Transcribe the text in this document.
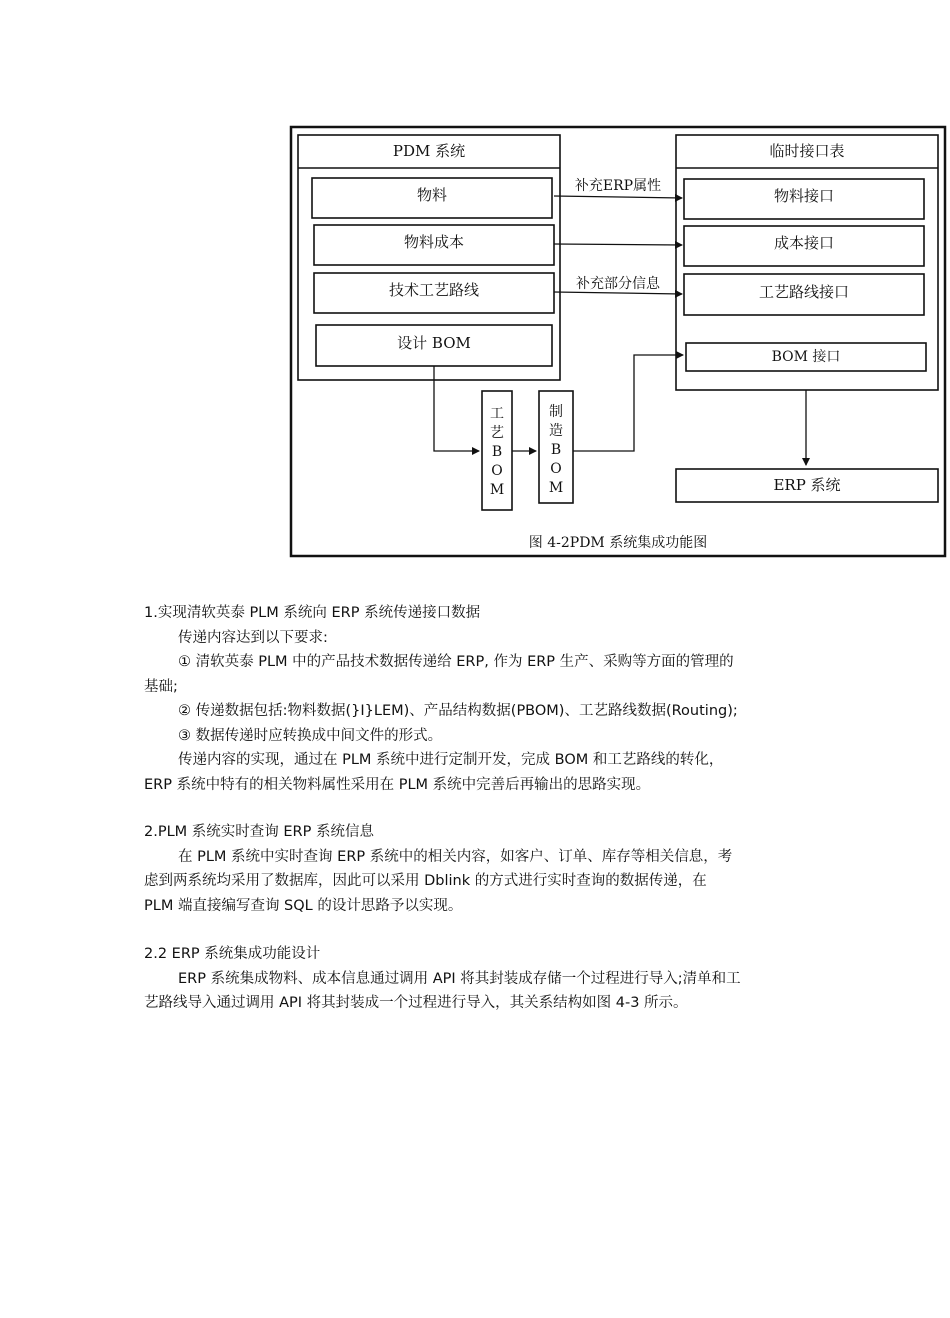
PDM 系统
物料
物料成本
技术工艺路线
设计 BOM
临时接口表
物料接口
成本接口
工艺路线接口
BOM 接口
补充ERP属性
补充部分信息
工
艺
B
O
M
制
造
B
O
M	ERP 系统
图 4-2PDM 系统集成功能图
1.实现清软英泰 PLM 系统向 ERP 系统传递接口数据
传递内容达到以下要求:
① 清软英泰 PLM 中的产品技术数据传递给 ERP, 作为 ERP 生产、采购等方面的管理的
基础;
② 传递数据包括:物料数据(}I}LEM)、产品结构数据(PBOM)、工艺路线数据(Routing);
③ 数据传递时应转换成中间文件的形式。
传递内容的实现，通过在 PLM 系统中进行定制开发，完成 BOM 和工艺路线的转化，
ERP 系统中特有的相关物料属性采用在 PLM 系统中完善后再输出的思路实现。
2.PLM 系统实时查询 ERP 系统信息
在 PLM 系统中实时查询 ERP 系统中的相关内容，如客户、订单、库存等相关信息，考
虑到两系统均采用了数据库，因此可以采用 Dblink 的方式进行实时查询的数据传递，在
PLM 端直接编写查询 SQL 的设计思路予以实现。
2.2 ERP 系统集成功能设计
ERP 系统集成物料、成本信息通过调用 API 将其封装成存储一个过程进行导入;清单和工
艺路线导入通过调用 API 将其封装成一个过程进行导入，其关系结构如图 4-3 所示。
